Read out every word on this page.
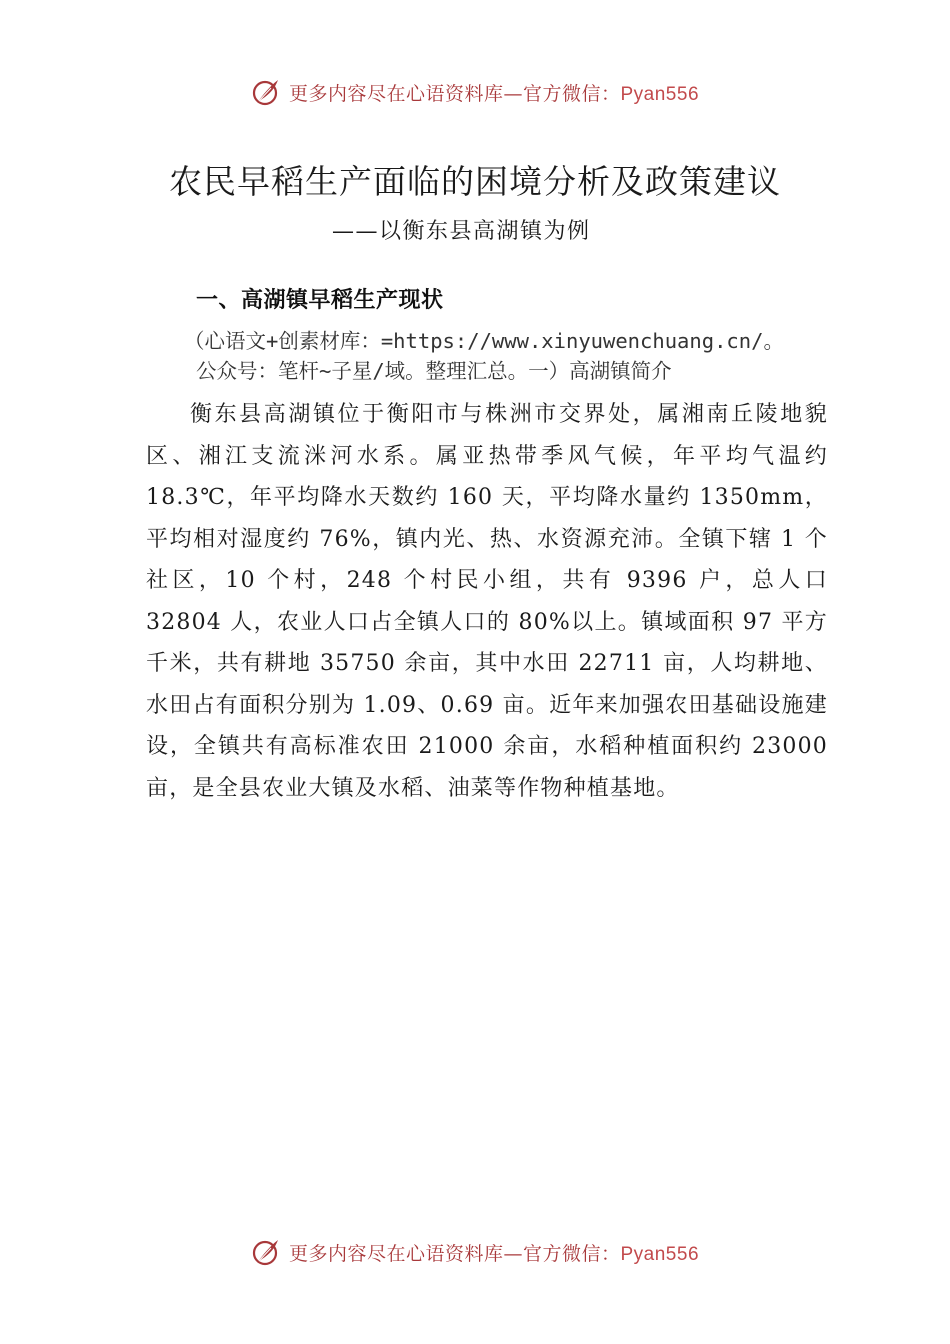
更多内容尽在心语资料库—官方微信：Pyan556
农民早稻生产面临的困境分析及政策建议

——以衡东县高湖镇为例

一、高湖镇早稻生产现状

（心语文+创素材库：=https://www.xinyuwenchuang.cn/。
公众号：笔杆~子星/域。整理汇总。一）高湖镇简介

衡东县高湖镇位于衡阳市与株洲市交界处，属湘南丘陵地貌区、湘江支流洣河水系。属亚热带季风气候，年平均气温约 18.3℃，年平均降水天数约 160 天，平均降水量约 1350mm，平均相对湿度约 76%，镇内光、热、水资源充沛。全镇下辖 1 个社区，10 个村，248 个村民小组，共有 9396 户，总人口 32804 人，农业人口占全镇人口的 80%以上。镇域面积 97 平方千米，共有耕地 35750 余亩，其中水田 22711 亩，人均耕地、水田占有面积分别为 1.09、0.69 亩。近年来加强农田基础设施建设，全镇共有高标准农田 21000 余亩，水稻种植面积约 23000 亩，是全县农业大镇及水稻、油菜等作物种植基地。

更多内容尽在心语资料库—官方微信：Pyan556
